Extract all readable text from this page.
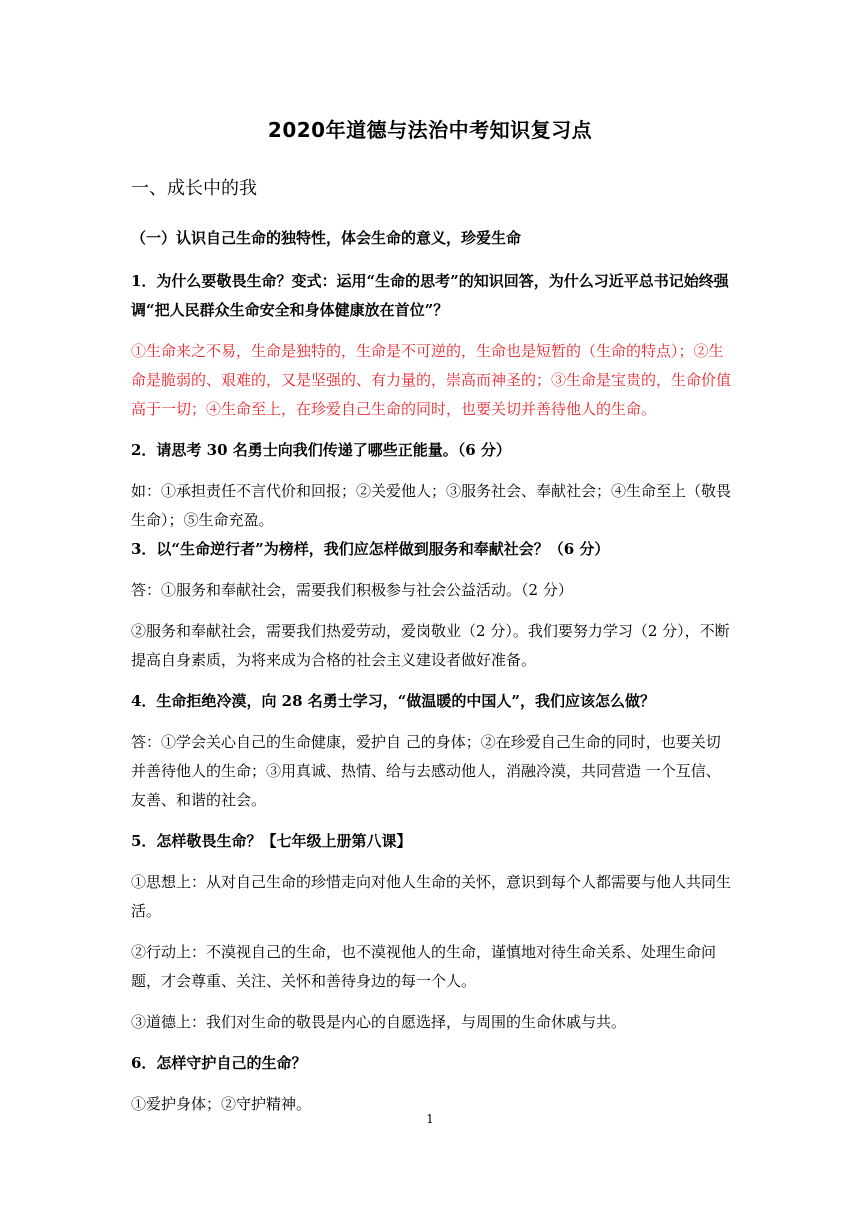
2020年道德与法治中考知识复习点
一、成长中的我

（一）认识自己生命的独特性，体会生命的意义，珍爱生命

1．为什么要敬畏生命？变式：运用“生命的思考”的知识回答，为什么习近平总书记始终强调“把人民群众生命安全和身体健康放在首位”？

①生命来之不易，生命是独特的，生命是不可逆的，生命也是短暂的（生命的特点）；②生命是脆弱的、艰难的，又是坚强的、有力量的，崇高而神圣的；③生命是宝贵的，生命价值高于一切；④生命至上，在珍爱自己生命的同时，也要关切并善待他人的生命。

2．请思考 30 名勇士向我们传递了哪些正能量。（6 分）

如：①承担责任不言代价和回报；②关爱他人；③服务社会、奉献社会；④生命至上（敬畏生命）；⑤生命充盈。

3．以“生命逆行者”为榜样，我们应怎样做到服务和奉献社会？（6 分）

答：①服务和奉献社会，需要我们积极参与社会公益活动。（2 分）

②服务和奉献社会，需要我们热爱劳动，爱岗敬业（2 分）。我们要努力学习（2 分），不断提高自身素质，为将来成为合格的社会主义建设者做好准备。

4．生命拒绝冷漠，向 28 名勇士学习，“做温暖的中国人”，我们应该怎么做？

答：①学会关心自己的生命健康，爱护自 己的身体；②在珍爱自己生命的同时，也要关切并善待他人的生命；③用真诚、热情、给与去感动他人，消融冷漠，共同营造 一个互信、友善、和谐的社会。

5．怎样敬畏生命？【七年级上册第八课】

①思想上：从对自己生命的珍惜走向对他人生命的关怀，意识到每个人都需要与他人共同生活。

②行动上：不漠视自己的生命，也不漠视他人的生命，谨慎地对待生命关系、处理生命问题，才会尊重、关注、关怀和善待身边的每一个人。

③道德上：我们对生命的敬畏是内心的自愿选择，与周围的生命休戚与共。

6．怎样守护自己的生命？

①爱护身体；②守护精神。

1
